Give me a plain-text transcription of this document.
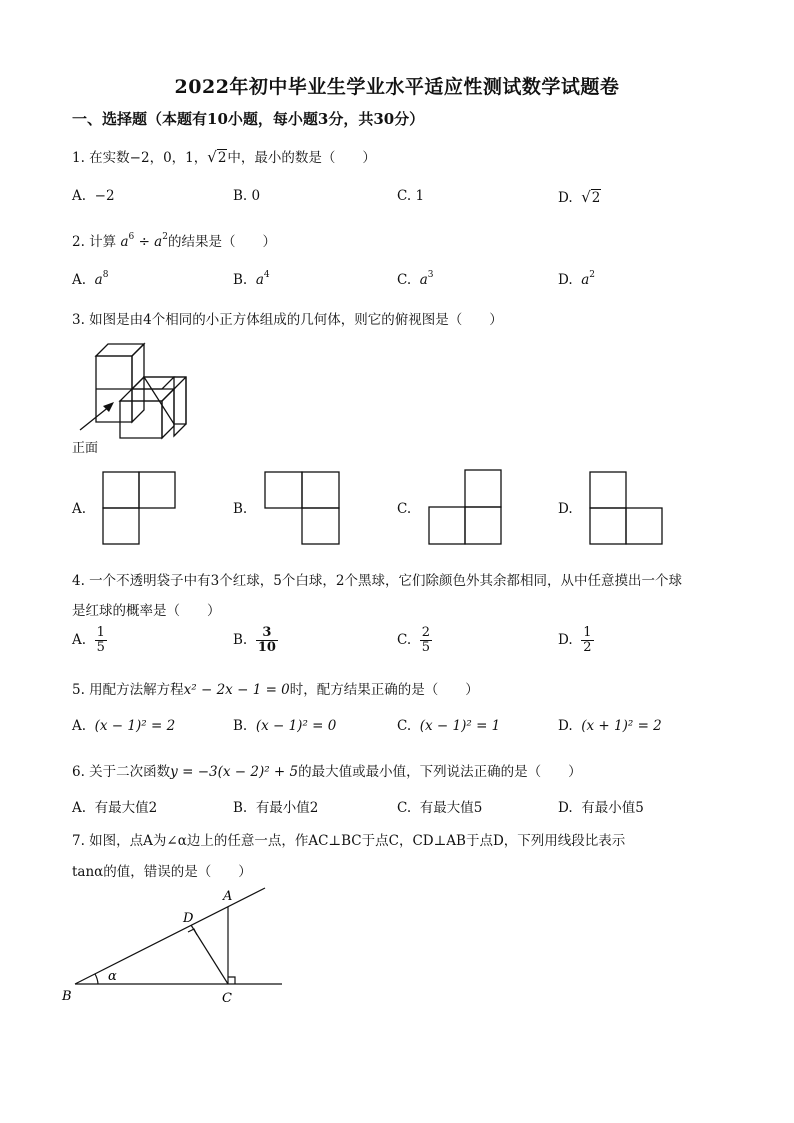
2022年初中毕业生学业水平适应性测试数学试题卷
一、选择题（本题有10小题，每小题3分，共30分）
1. 在实数−2，0，1，√2中，最小的数是（　　）
A. −2	B. 0	C. 1	D. √2
2. 计算 $a^6 \div a^2$的结果是（　　）
A. $a^8$	B. $a^4$	C. $a^3$	D. $a^2$
3. 如图是由4个相同的小正方体组成的几何体，则它的俯视图是（　　）
正面
A.	B.	C.	D.
4. 一个不透明袋子中有3个红球，5个白球，2个黑球，它们除颜色外其余都相同，从中任意摸出一个球
是红球的概率是（　　）
A. $\frac{1}{5}$	B. $\frac{3}{10}$	C. $\frac{2}{5}$	D. $\frac{1}{2}$
5. 用配方法解方程x² − 2x − 1 = 0时，配方结果正确的是（　　）
A. (x − 1)² = 2	B. (x − 1)² = 0	C. (x − 1)² = 1	D. (x + 1)² = 2
6. 关于二次函数y = −3(x − 2)² + 5的最大值或最小值，下列说法正确的是（　　）
A. 有最大值2	B. 有最小值2	C. 有最大值5	D. 有最小值5
7. 如图，点A为∠α边上的任意一点，作AC⊥BC于点C，CD⊥AB于点D，下列用线段比表示
tanα的值，错误的是（　　）
B	C
A
D
α
